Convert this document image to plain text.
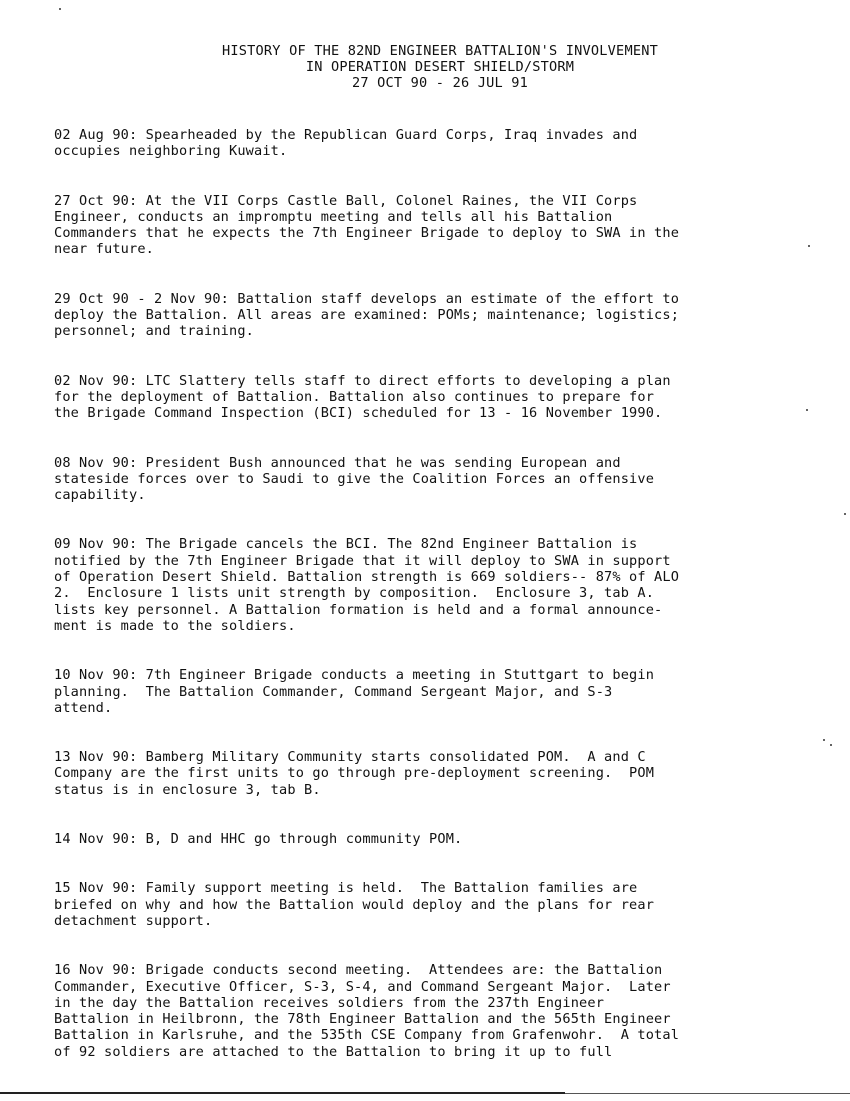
HISTORY OF THE 82ND ENGINEER BATTALION'S INVOLVEMENT
IN OPERATION DESERT SHIELD/STORM
27 OCT 90 - 26 JUL 91
02 Aug 90: Spearheaded by the Republican Guard Corps, Iraq invades and
occupies neighboring Kuwait.
27 Oct 90: At the VII Corps Castle Ball, Colonel Raines, the VII Corps
Engineer, conducts an impromptu meeting and tells all his Battalion
Commanders that he expects the 7th Engineer Brigade to deploy to SWA in the
near future.
29 Oct 90 - 2 Nov 90: Battalion staff develops an estimate of the effort to
deploy the Battalion. All areas are examined: POMs; maintenance; logistics;
personnel; and training.
02 Nov 90: LTC Slattery tells staff to direct efforts to developing a plan
for the deployment of Battalion. Battalion also continues to prepare for
the Brigade Command Inspection (BCI) scheduled for 13 - 16 November 1990.
08 Nov 90: President Bush announced that he was sending European and
stateside forces over to Saudi to give the Coalition Forces an offensive
capability.
09 Nov 90: The Brigade cancels the BCI. The 82nd Engineer Battalion is
notified by the 7th Engineer Brigade that it will deploy to SWA in support
of Operation Desert Shield. Battalion strength is 669 soldiers-- 87% of ALO
2.  Enclosure 1 lists unit strength by composition.  Enclosure 3, tab A.
lists key personnel. A Battalion formation is held and a formal announce-
ment is made to the soldiers.
10 Nov 90: 7th Engineer Brigade conducts a meeting in Stuttgart to begin
planning.  The Battalion Commander, Command Sergeant Major, and S-3
attend.
13 Nov 90: Bamberg Military Community starts consolidated POM.  A and C
Company are the first units to go through pre-deployment screening.  POM
status is in enclosure 3, tab B.
14 Nov 90: B, D and HHC go through community POM.
15 Nov 90: Family support meeting is held.  The Battalion families are
briefed on why and how the Battalion would deploy and the plans for rear
detachment support.
16 Nov 90: Brigade conducts second meeting.  Attendees are: the Battalion
Commander, Executive Officer, S-3, S-4, and Command Sergeant Major.  Later
in the day the Battalion receives soldiers from the 237th Engineer
Battalion in Heilbronn, the 78th Engineer Battalion and the 565th Engineer
Battalion in Karlsruhe, and the 535th CSE Company from Grafenwohr.  A total
of 92 soldiers are attached to the Battalion to bring it up to full
